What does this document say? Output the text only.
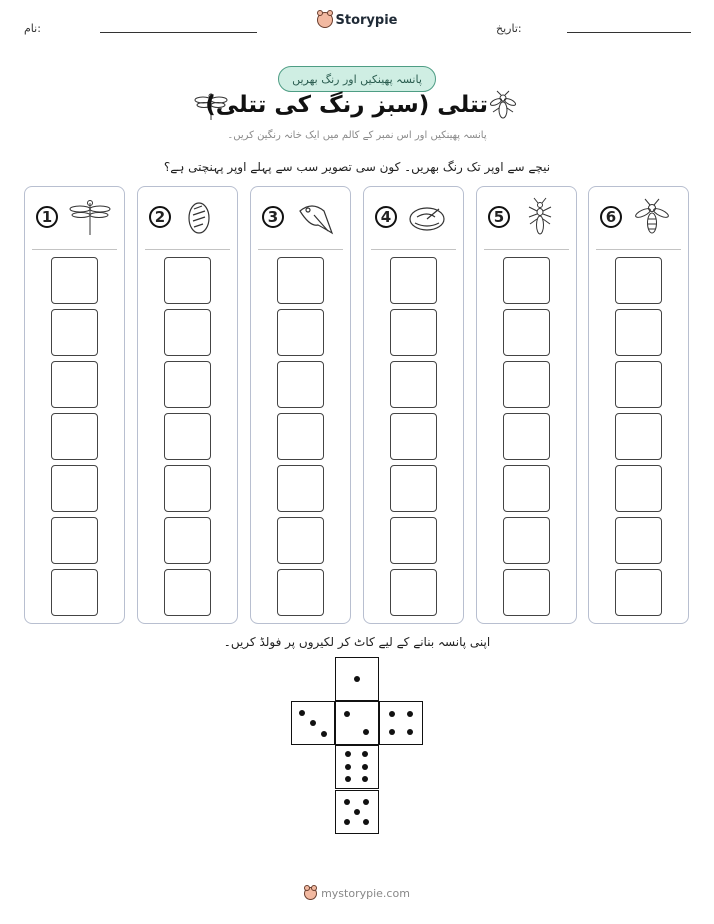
نام:
Storypie
تاریخ:
پانسہ پھینکیں اور رنگ بھریں
تتلی (سبز رنگ کی تتلی)
پانسہ پھینکیں اور اس نمبر کے کالم میں ایک خانہ رنگین کریں۔
نیچے سے اوپر تک رنگ بھریں۔ کون سی تصویر سب سے پہلے اوپر پہنچتی ہے؟
1	2	3	4	5	6
اپنی پانسہ بنانے کے لیے کاٹ کر لکیروں پر فولڈ کریں۔
mystorypie.com
